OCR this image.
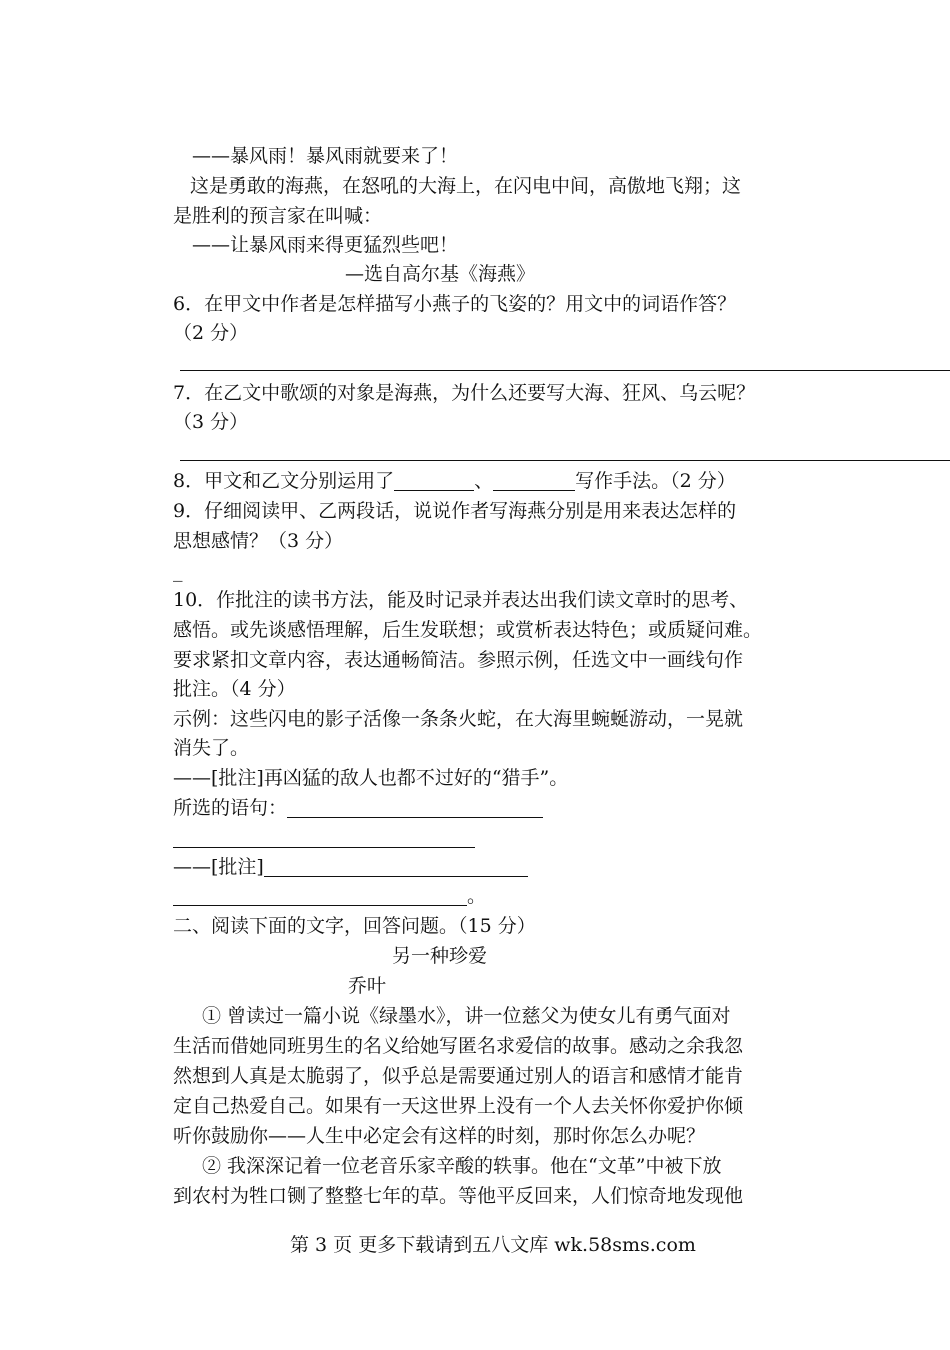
——暴风雨！暴风雨就要来了！
这是勇敢的海燕，在怒吼的大海上，在闪电中间，高傲地飞翔；这
是胜利的预言家在叫喊：
——让暴风雨来得更猛烈些吧！
—选自高尔基《海燕》
6．在甲文中作者是怎样描写小燕子的飞姿的？用文中的词语作答？
（2 分）
7．在乙文中歌颂的对象是海燕，为什么还要写大海、狂风、乌云呢？
（3 分）
8．甲文和乙文分别运用了	、	写作手法。（2 分）
9．仔细阅读甲、乙两段话，说说作者写海燕分别是用来表达怎样的
思想感情？（3 分）
_
10．作批注的读书方法，能及时记录并表达出我们读文章时的思考、
感悟。或先谈感悟理解，后生发联想；或赏析表达特色；或质疑问难。
要求紧扣文章内容，表达通畅简洁。参照示例，任选文中一画线句作
批注。（4 分）
示例：这些闪电的影子活像一条条火蛇，在大海里蜿蜒游动，一晃就
消失了。
——[批注]再凶猛的敌人也都不过好的“猎手”。
所选的语句：
——[批注]
。
二、阅读下面的文字，回答问题。（15 分）
另一种珍爱
乔叶
① 曾读过一篇小说《绿墨水》，讲一位慈父为使女儿有勇气面对
生活而借她同班男生的名义给她写匿名求爱信的故事。感动之余我忽
然想到人真是太脆弱了，似乎总是需要通过别人的语言和感情才能肯
定自己热爱自己。如果有一天这世界上没有一个人去关怀你爱护你倾
听你鼓励你——人生中必定会有这样的时刻，那时你怎么办呢？
② 我深深记着一位老音乐家辛酸的轶事。他在“文革”中被下放
到农村为牲口铡了整整七年的草。等他平反回来，人们惊奇地发现他
第 3 页 更多下载请到五八文库 wk.58sms.com
